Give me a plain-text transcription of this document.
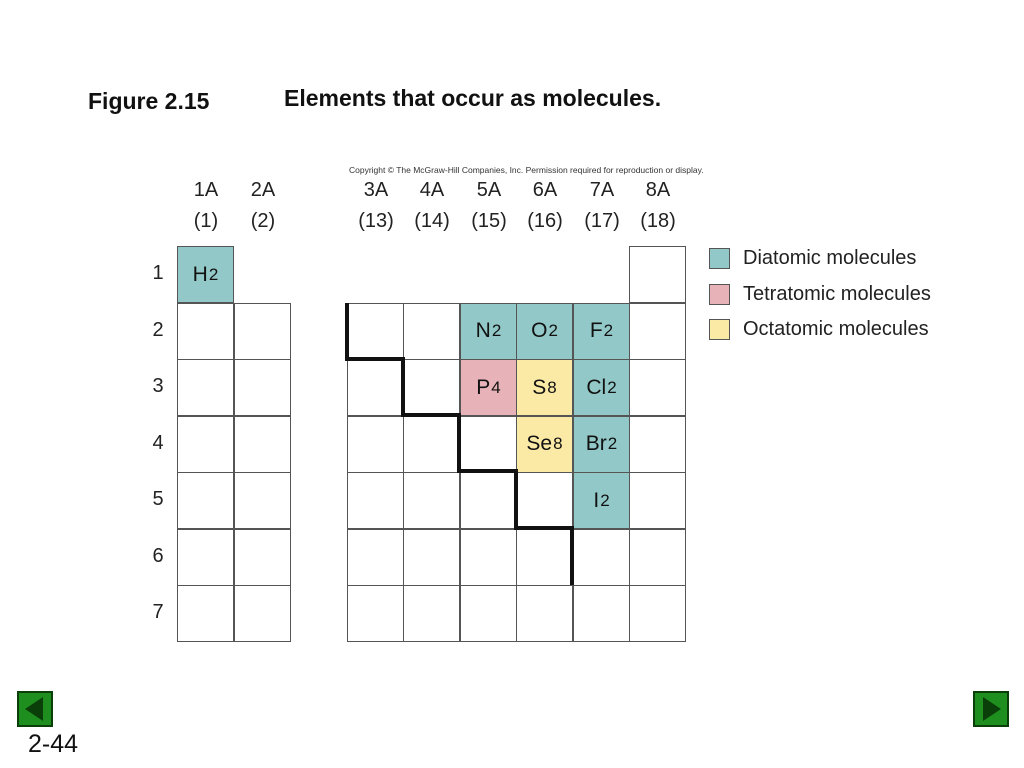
Figure 2.15	Elements that occur as molecules.
Copyright © The McGraw-Hill Companies, Inc. Permission required for reproduction or display.
1A
(1)
2A
(2)
3A
(13)
4A
(14)
5A
(15)
6A
(16)
7A
(17)
8A
(18)
1
2
3
4
5
6
7
H 2
N 2
P 4
O 2
S 8
Se 8
F 2
Cl 2
Br 2
I 2
Diatomic molecules
Tetratomic molecules
Octatomic molecules
2-44
